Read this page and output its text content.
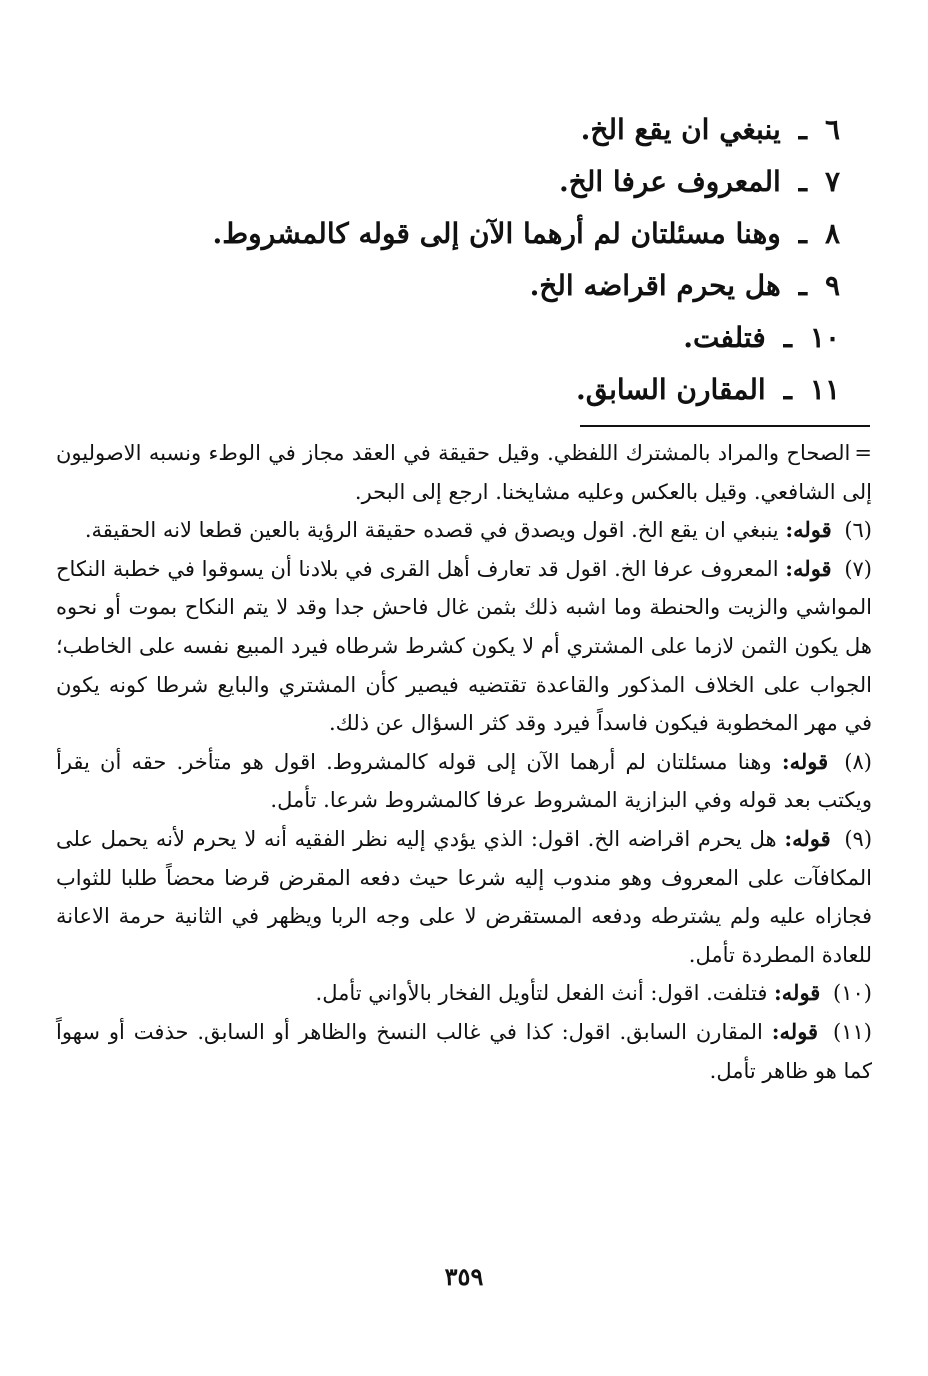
٦ـينبغي ان يقع الخ.
٧ـالمعروف عرفا الخ.
٨ـوهنا مسئلتان لم أرهما الآن إلى قوله كالمشروط.
٩ـهل يحرم اقراضه الخ.
١٠ـفتلفت.
١١ـالمقارن السابق.
=الصحاح والمراد بالمشترك اللفظي. وقيل حقيقة في العقد مجاز في الوطء ونسبه الاصوليون إلى الشافعي. وقيل بالعكس وعليه مشايخنا. ارجع إلى البحر.
(٦) قوله: ينبغي ان يقع الخ. اقول ويصدق في قصده حقيقة الرؤية بالعين قطعا لانه الحقيقة.
(٧) قوله: المعروف عرفا الخ. اقول قد تعارف أهل القرى في بلادنا أن يسوقوا في خطبة النكاح المواشي والزيت والحنطة وما اشبه ذلك بثمن غال فاحش جدا وقد لا يتم النكاح بموت أو نحوه هل يكون الثمن لازما على المشتري أم لا يكون كشرط شرطاه فيرد المبيع نفسه على الخاطب؛ الجواب على الخلاف المذكور والقاعدة تقتضيه فيصير كأن المشتري والبايع شرطا كونه يكون في مهر المخطوبة فيكون فاسداً فيرد وقد كثر السؤال عن ذلك.
(٨) قوله: وهنا مسئلتان لم أرهما الآن إلى قوله كالمشروط. اقول هو متأخر. حقه أن يقرأ ويكتب بعد قوله وفي البزازية المشروط عرفا كالمشروط شرعا. تأمل.
(٩) قوله: هل يحرم اقراضه الخ. اقول: الذي يؤدي إليه نظر الفقيه أنه لا يحرم لأنه يحمل على المكافآت على المعروف وهو مندوب إليه شرعا حيث دفعه المقرض قرضا محضاً طلبا للثواب فجازاه عليه ولم يشترطه ودفعه المستقرض لا على وجه الربا ويظهر في الثانية حرمة الاعانة للعادة المطردة تأمل.
(١٠) قوله: فتلفت. اقول: أنث الفعل لتأويل الفخار بالأواني تأمل.
(١١) قوله: المقارن السابق. اقول: كذا في غالب النسخ والظاهر أو السابق. حذفت أو سهواً كما هو ظاهر تأمل.
٣٥٩
